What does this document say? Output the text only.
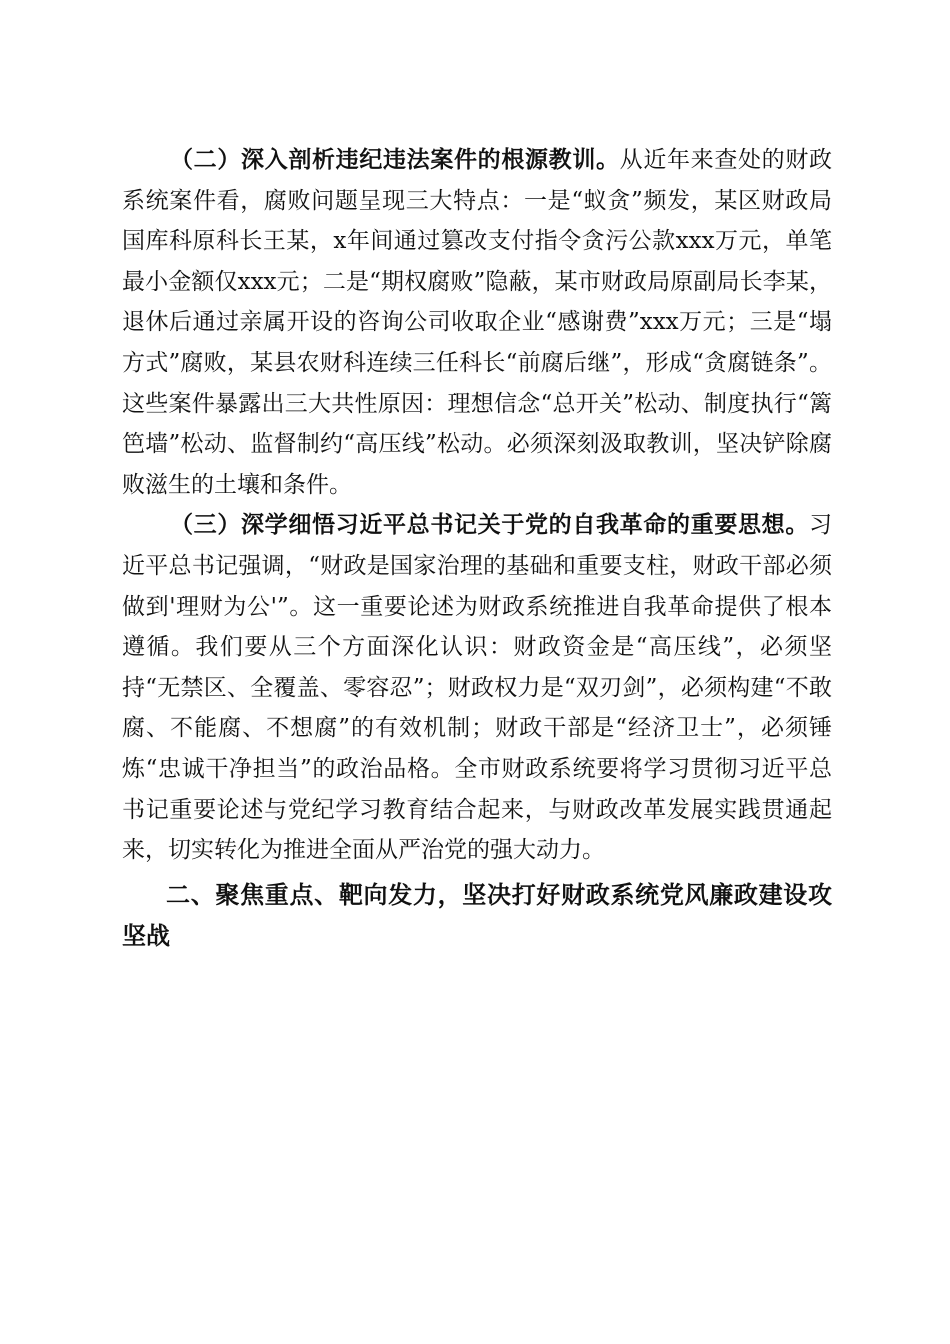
（二）深入剖析违纪违法案件的根源教训。从近年来查处的财政系统案件看，腐败问题呈现三大特点：一是“蚁贪”频发，某区财政局国库科原科长王某，x年间通过篡改支付指令贪污公款xxx万元，单笔最小金额仅xxx元；二是“期权腐败”隐蔽，某市财政局原副局长李某，退休后通过亲属开设的咨询公司收取企业“感谢费”xxx万元；三是“塌方式”腐败，某县农财科连续三任科长“前腐后继”，形成“贪腐链条”。这些案件暴露出三大共性原因：理想信念“总开关”松动、制度执行“篱笆墙”松动、监督制约“高压线”松动。必须深刻汲取教训，坚决铲除腐败滋生的土壤和条件。

（三）深学细悟习近平总书记关于党的自我革命的重要思想。习近平总书记强调，“财政是国家治理的基础和重要支柱，财政干部必须做到'理财为公'”。这一重要论述为财政系统推进自我革命提供了根本遵循。我们要从三个方面深化认识：财政资金是“高压线”，必须坚持“无禁区、全覆盖、零容忍”；财政权力是“双刃剑”，必须构建“不敢腐、不能腐、不想腐”的有效机制；财政干部是“经济卫士”，必须锤炼“忠诚干净担当”的政治品格。全市财政系统要将学习贯彻习近平总书记重要论述与党纪学习教育结合起来，与财政改革发展实践贯通起来，切实转化为推进全面从严治党的强大动力。

二、聚焦重点、靶向发力，坚决打好财政系统党风廉政建设攻坚战
